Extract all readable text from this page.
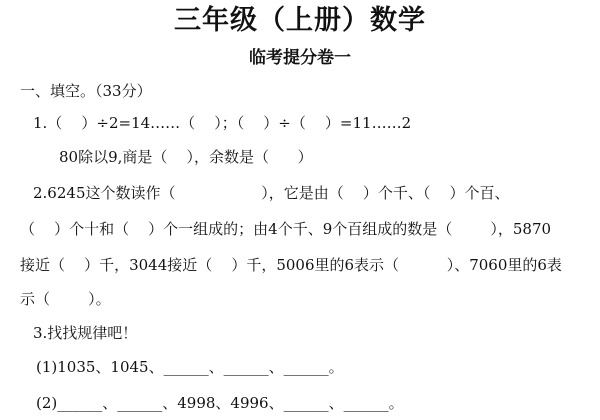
三年级（上册）数学
临考提分卷一
一、填空。（33分）
1.（    ）÷2=14……（    ）；（    ）÷（    ）=11……2
80除以9,商是（    ），余数是（      ）
2.6245这个数读作（                  ），它是由（    ）个千、（    ）个百、
（    ）个十和（    ）个一组成的；由4个千、9个百组成的数是（        ），5870
接近（    ）千，3044接近（    ）千，5006里的6表示（          ）、7060里的6表
示（        ）。
3.找找规律吧！
(1)1035、1045、______、______、______。
(2)______、______、4998、4996、______、______。
